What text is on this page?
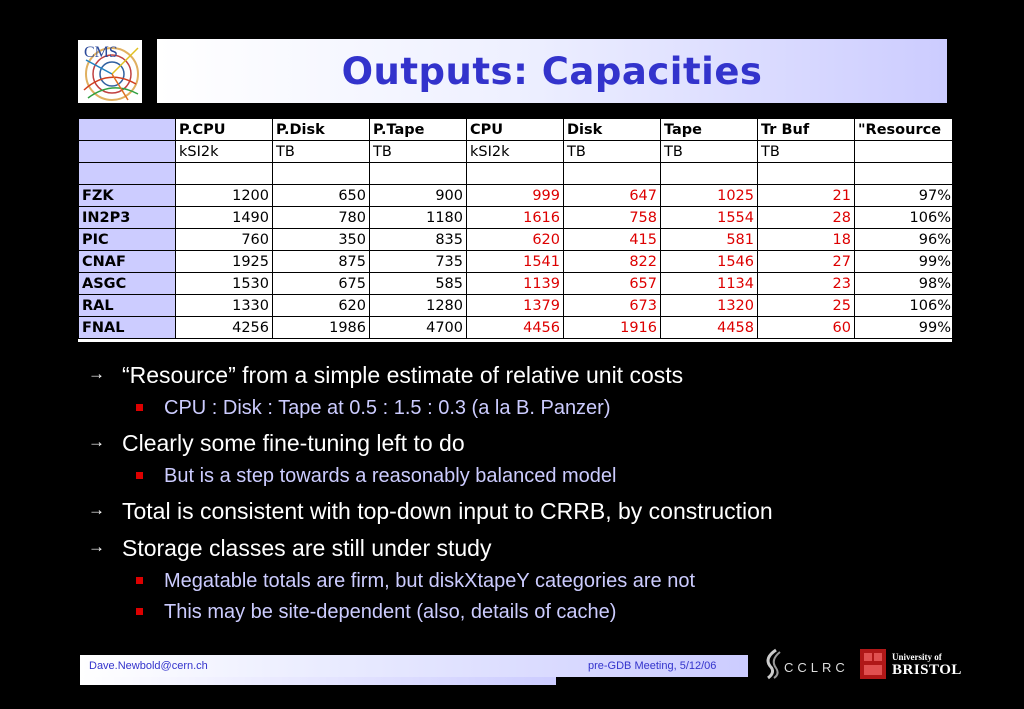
CMS	Outputs: Capacities
	P.CPU	P.Disk	P.Tape	CPU	Disk	Tape	Tr Buf	"Resource
	kSI2k	TB	TB	kSI2k	TB	TB	TB	

FZK	1200	650	900	999	647	1025	21	97%
IN2P3	1490	780	1180	1616	758	1554	28	106%
PIC	760	350	835	620	415	581	18	96%
CNAF	1925	875	735	1541	822	1546	27	99%
ASGC	1530	675	585	1139	657	1134	23	98%
RAL	1330	620	1280	1379	673	1320	25	106%
FNAL	4256	1986	4700	4456	1916	4458	60	99%
→ “Resource” from a simple estimate of relative unit costs
CPU : Disk : Tape at 0.5 : 1.5 : 0.3 (a la B. Panzer)
→ Clearly some fine-tuning left to do
But is a step towards a reasonably balanced model
→ Total is consistent with top-down input to CRRB, by construction
→ Storage classes are still under study
Megatable totals are firm, but diskXtapeY categories are not
This may be site-dependent (also, details of cache)
Dave.Newbold@cern.ch	pre-GDB Meeting, 5/12/06	CCLRC
University of
BRISTOL
